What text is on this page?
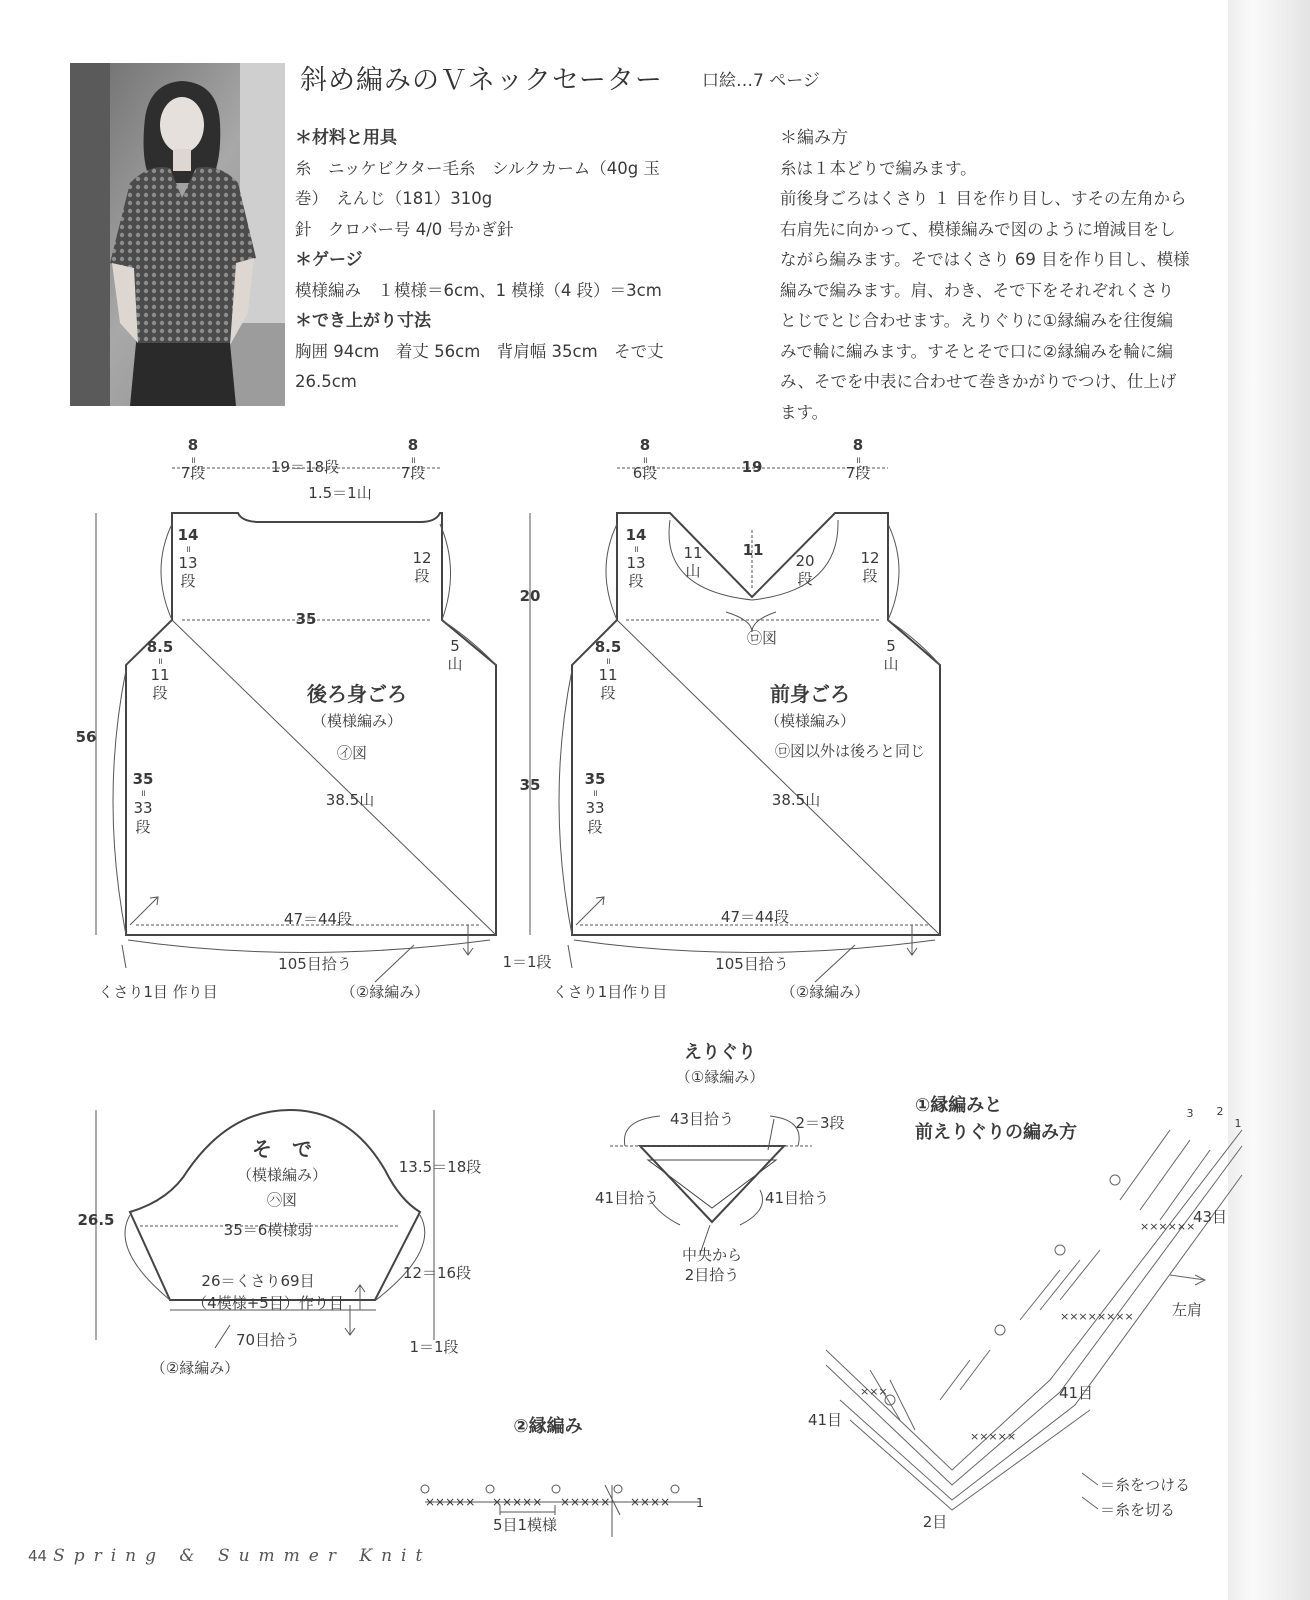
斜め編みのＶネックセーター 口絵…7 ページ

＊材料と用具

糸　ニッケビクター毛糸　シルクカーム（40g 玉

巻）　えんじ（181）310g

針　クロバー号 4/0 号かぎ針

＊ゲージ

模様編み　１模様＝6cm、1 模様（4 段）＝3cm

＊でき上がり寸法

胸囲 94cm　着丈 56cm　背肩幅 35cm　そで丈

26.5cm

＊編み方

糸は１本どりで編みます。

前後身ごろはくさり １ 目を作り目し、すその左角から

右肩先に向かって、模様編みで図のように増減目をし

ながら編みます。そではくさり 69 目を作り目し、模様

編みで編みます。肩、わき、そで下をそれぞれくさり

とじでとじ合わせます。えりぐりに①縁編みを往復編

みで輪に編みます。すそとそで口に②縁編みを輪に編

み、そでを中表に合わせて巻きかがりでつけ、仕上げ

ます。

××××× ××××× ××××× ××××
××××××
××××××××
×××××
×××
8
॥
7段	19＝18段
8
॥
7段
1.5＝1山
14
॥
13
段
12
段
35
8.5
॥
11
段
5
山
後ろ身ごろ
（模様編み）
㋑図
35
॥
33
段
38.5山
56
47＝44段
105目拾う
くさり1目 作り目	（②縁編み）
8
॥
6段	19
8
॥
7段
11
11
山
20
段
14
॥
13
段
12
段
㋺図
8.5
॥
11
段
5
山
前身ごろ
（模様編み）
㋺図以外は後ろと同じ
35
॥
33
段
38.5山
20
35
47＝44段
105目拾う
1＝1段
くさり1目作り目	（②縁編み）
そ　で
（模様編み）
㋩図
35＝6模様弱
26＝くさり69目
（4模様+5目）作り目
70目拾う
（②縁編み）
26.5
13.5＝18段
12＝16段
1＝1段
えりぐり
（①縁編み）
43目拾う	2＝3段
41目拾う	41目拾う
中央から
2目拾う
②縁編み
5目1模様
1
①縁編みと
前えりぐりの編み方
3 2
1
43目
左肩
41目
41目
2目
＝糸をつける
＝糸を切る
44 Spring & Summer Knit
